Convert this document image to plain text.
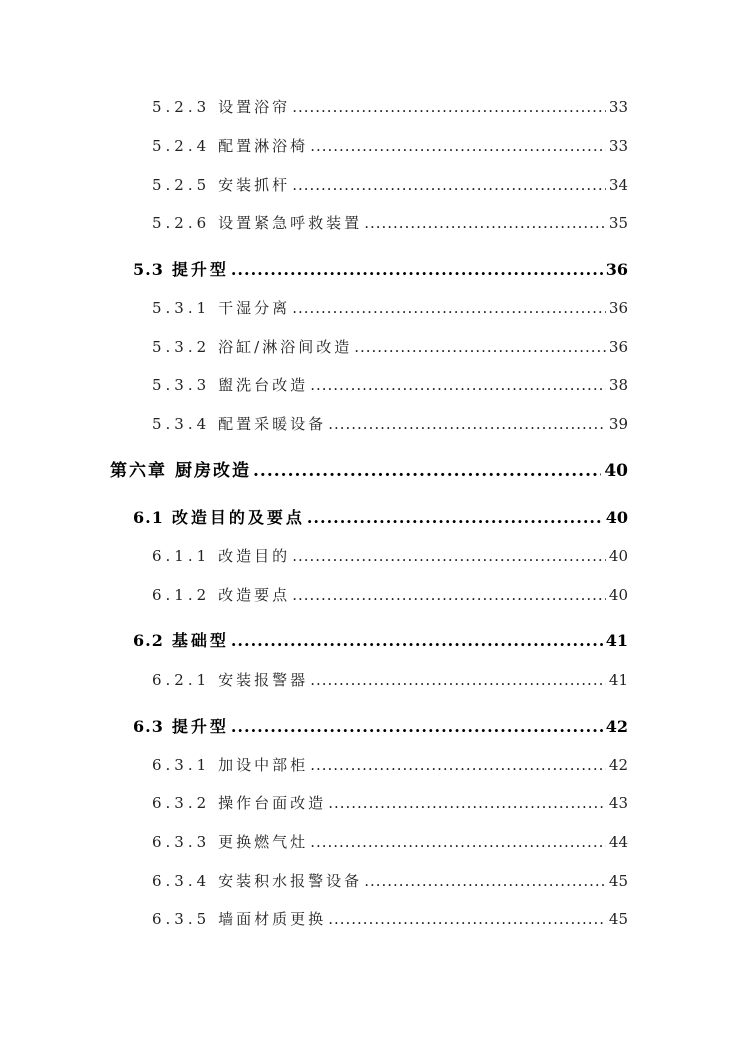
5.2.3 设置浴帘 .....	33
5.2.4 配置淋浴椅 .....	33
5.2.5 安装抓杆 .....	34
5.2.6 设置紧急呼救装置 .....	35
5.3 提升型 .....	36
5.3.1 干湿分离 .....	36
5.3.2 浴缸/淋浴间改造 .....	36
5.3.3 盥洗台改造 .....	38
5.3.4 配置采暖设备 .....	39
第六章 厨房改造 .....	40
6.1 改造目的及要点 .....	40
6.1.1 改造目的 .....	40
6.1.2 改造要点 .....	40
6.2 基础型 .....	41
6.2.1 安装报警器 .....	41
6.3 提升型 .....	42
6.3.1 加设中部柜 .....	42
6.3.2 操作台面改造 .....	43
6.3.3 更换燃气灶 .....	44
6.3.4 安装积水报警设备 .....	45
6.3.5 墙面材质更换 .....	45
